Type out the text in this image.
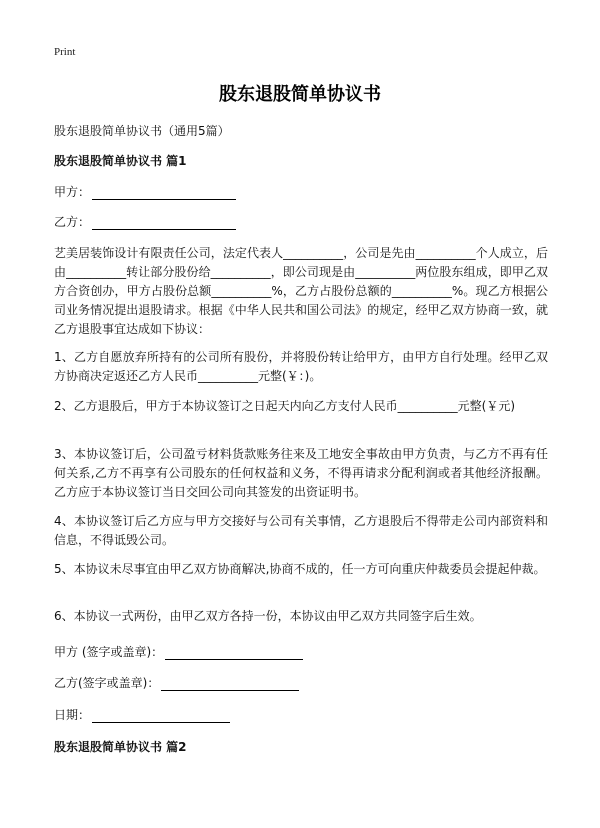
Print
股东退股简单协议书
股东退股简单协议书（通用5篇）
股东退股简单协议书 篇1
甲方：
乙方：
艺美居装饰设计有限责任公司，法定代表人__________，公司是先由__________个人成立，后由__________转让部分股份给__________，即公司现是由__________两位股东组成，即甲乙双方合资创办，甲方占股份总额__________%，乙方占股份总额的__________%。现乙方根据公司业务情况提出退股请求。根据《中华人民共和国公司法》的规定，经甲乙双方协商一致，就乙方退股事宜达成如下协议：
1、乙方自愿放弃所持有的公司所有股份，并将股份转让给甲方，由甲方自行处理。经甲乙双方协商决定返还乙方人民币__________元整(￥：)。
2、乙方退股后，甲方于本协议签订之日起天内向乙方支付人民币__________元整(￥元)
3、本协议签订后，公司盈亏材料货款账务往来及工地安全事故由甲方负责，与乙方不再有任何关系,乙方不再享有公司股东的任何权益和义务，不得再请求分配利润或者其他经济报酬。乙方应于本协议签订当日交回公司向其签发的出资证明书。
4、本协议签订后乙方应与甲方交接好与公司有关事情，乙方退股后不得带走公司内部资料和信息，不得诋毁公司。
5、本协议未尽事宜由甲乙双方协商解决,协商不成的，任一方可向重庆仲裁委员会提起仲裁。
6、本协议一式两份，由甲乙双方各持一份，本协议由甲乙双方共同签字后生效。
甲方 (签字或盖章)：
乙方(签字或盖章)：
日期：
股东退股简单协议书 篇2
